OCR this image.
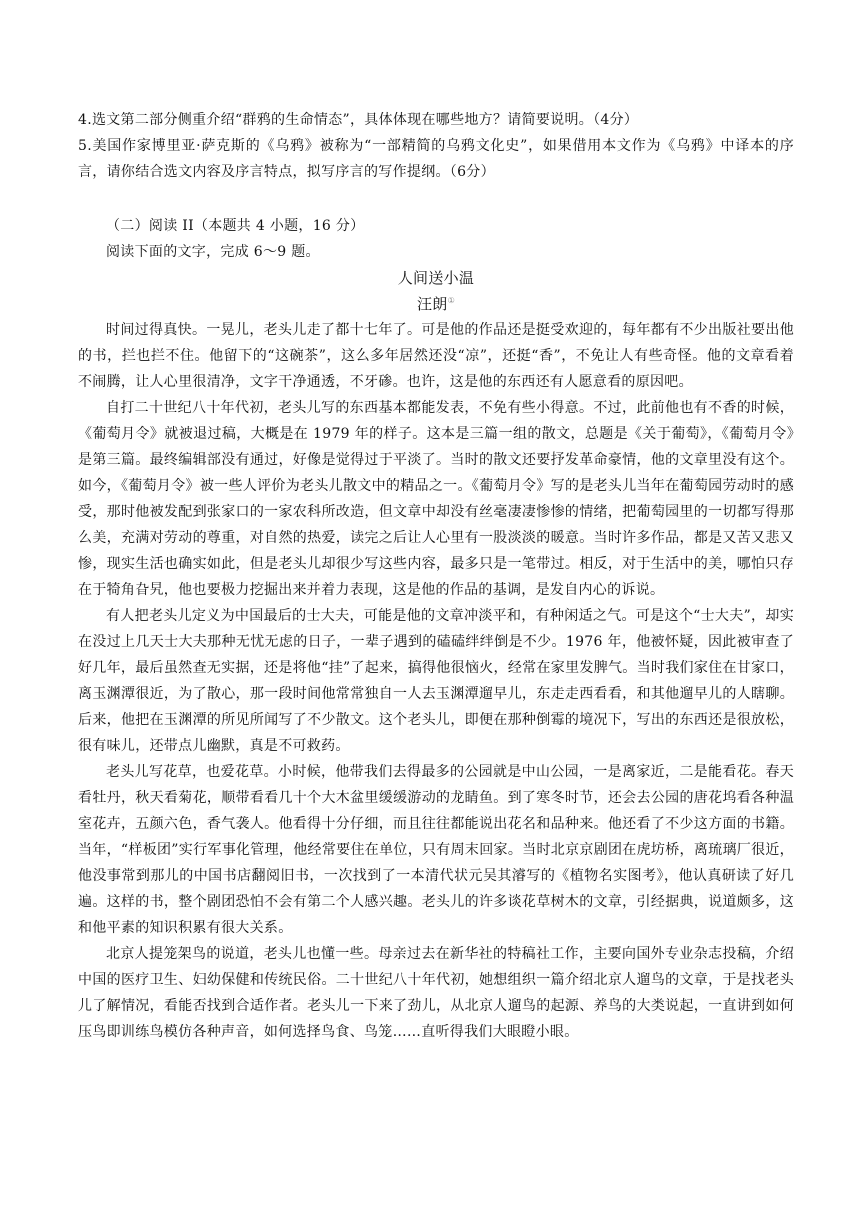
4.选文第二部分侧重介绍“群鸦的生命情态”，具体体现在哪些地方？请简要说明。（4分）

5.美国作家博里亚·萨克斯的《乌鸦》被称为“一部精简的乌鸦文化史”，如果借用本文作为《乌鸦》中译本的序言，请你结合选文内容及序言特点，拟写序言的写作提纲。（6分）

（二）阅读 II（本题共 4 小题，16 分）

阅读下面的文字，完成 6～9 题。

人间送小温

汪朗①

时间过得真快。一晃儿，老头儿走了都十七年了。可是他的作品还是挺受欢迎的，每年都有不少出版社要出他的书，拦也拦不住。他留下的“这碗茶”，这么多年居然还没“凉”，还挺“香”，不免让人有些奇怪。他的文章看着不闹腾，让人心里很清净，文字干净通透，不牙碜。也许，这是他的东西还有人愿意看的原因吧。

自打二十世纪八十年代初，老头儿写的东西基本都能发表，不免有些小得意。不过，此前他也有不香的时候，《葡萄月令》就被退过稿，大概是在 1979 年的样子。这本是三篇一组的散文，总题是《关于葡萄》，《葡萄月令》是第三篇。最终编辑部没有通过，好像是觉得过于平淡了。当时的散文还要抒发革命豪情，他的文章里没有这个。如今，《葡萄月令》被一些人评价为老头儿散文中的精品之一。《葡萄月令》写的是老头儿当年在葡萄园劳动时的感受，那时他被发配到张家口的一家农科所改造，但文章中却没有丝毫凄凄惨惨的情绪，把葡萄园里的一切都写得那么美，充满对劳动的尊重，对自然的热爱，读完之后让人心里有一股淡淡的暖意。当时许多作品，都是又苦又悲又惨，现实生活也确实如此，但是老头儿却很少写这些内容，最多只是一笔带过。相反，对于生活中的美，哪怕只存在于犄角旮旯，他也要极力挖掘出来并着力表现，这是他的作品的基调，是发自内心的诉说。

有人把老头儿定义为中国最后的士大夫，可能是他的文章冲淡平和，有种闲适之气。可是这个“士大夫”，却实在没过上几天士大夫那种无忧无虑的日子，一辈子遇到的磕磕绊绊倒是不少。1976 年，他被怀疑，因此被审查了好几年，最后虽然查无实据，还是将他“挂”了起来，搞得他很恼火，经常在家里发脾气。当时我们家住在甘家口，离玉渊潭很近，为了散心，那一段时间他常常独自一人去玉渊潭遛早儿，东走走西看看，和其他遛早儿的人瞎聊。后来，他把在玉渊潭的所见所闻写了不少散文。这个老头儿，即便在那种倒霉的境况下，写出的东西还是很放松，很有味儿，还带点儿幽默，真是不可救药。

老头儿写花草，也爱花草。小时候，他带我们去得最多的公园就是中山公园，一是离家近，二是能看花。春天看牡丹，秋天看菊花，顺带看看几十个大木盆里缓缓游动的龙睛鱼。到了寒冬时节，还会去公园的唐花坞看各种温室花卉，五颜六色，香气袭人。他看得十分仔细，而且往往都能说出花名和品种来。他还看了不少这方面的书籍。当年，“样板团”实行军事化管理，他经常要住在单位，只有周末回家。当时北京京剧团在虎坊桥，离琉璃厂很近，他没事常到那儿的中国书店翻阅旧书，一次找到了一本清代状元吴其濬写的《植物名实图考》，他认真研读了好几遍。这样的书，整个剧团恐怕不会有第二个人感兴趣。老头儿的许多谈花草树木的文章，引经据典，说道颇多，这和他平素的知识积累有很大关系。

北京人提笼架鸟的说道，老头儿也懂一些。母亲过去在新华社的特稿社工作，主要向国外专业杂志投稿，介绍中国的医疗卫生、妇幼保健和传统民俗。二十世纪八十年代初，她想组织一篇介绍北京人遛鸟的文章，于是找老头儿了解情况，看能否找到合适作者。老头儿一下来了劲儿，从北京人遛鸟的起源、养鸟的大类说起，一直讲到如何压鸟即训练鸟模仿各种声音，如何选择鸟食、鸟笼……直听得我们大眼瞪小眼。
